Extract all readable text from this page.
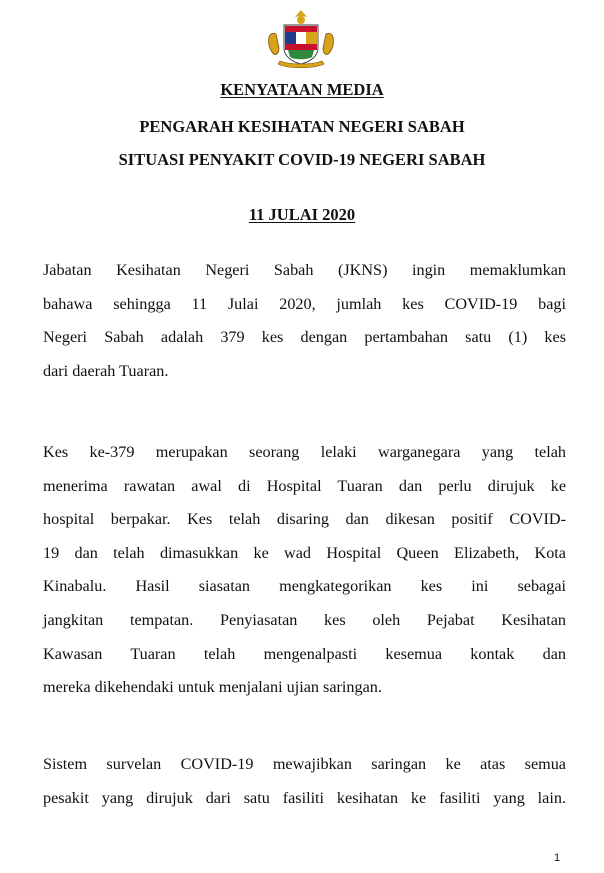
KENYATAAN MEDIA

PENGARAH KESIHATAN NEGERI SABAH

SITUASI PENYAKIT COVID-19 NEGERI SABAH

11 JULAI 2020

Jabatan Kesihatan Negeri Sabah (JKNS) ingin memaklumkan
bahawa sehingga 11 Julai 2020, jumlah kes COVID-19 bagi
Negeri Sabah adalah 379 kes dengan pertambahan satu (1) kes
dari daerah Tuaran.
Kes ke-379 merupakan seorang lelaki warganegara yang telah
menerima rawatan awal di Hospital Tuaran dan perlu dirujuk ke
hospital berpakar. Kes telah disaring dan dikesan positif COVID-
19 dan telah dimasukkan ke wad Hospital Queen Elizabeth, Kota
Kinabalu. Hasil siasatan mengkategorikan kes ini sebagai
jangkitan tempatan. Penyiasatan kes oleh Pejabat Kesihatan
Kawasan Tuaran telah mengenalpasti kesemua kontak dan
mereka dikehendaki untuk menjalani ujian saringan.
Sistem survelan COVID-19 mewajibkan saringan ke atas semua
pesakit yang dirujuk dari satu fasiliti kesihatan ke fasiliti yang lain.
1
